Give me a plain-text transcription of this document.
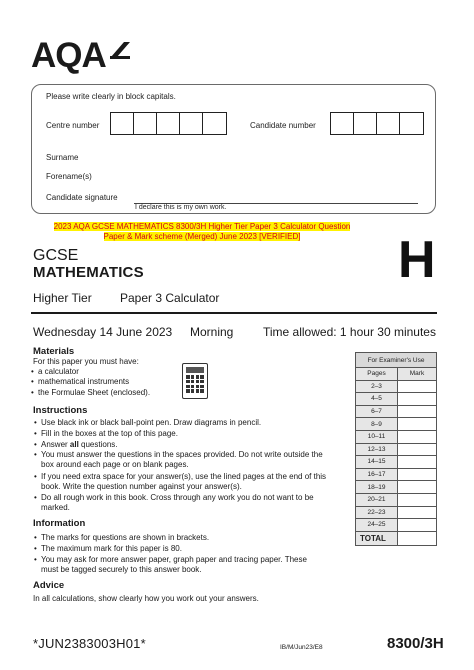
AQA
Please write clearly in block capitals.
Centre number	Candidate number
Surname
Forename(s)
Candidate signature
I declare this is my own work.
2023 AQA GCSE MATHEMATICS 8300/3H Higher Tier Paper 3 Calculator Question
Paper & Mark scheme (Merged) June 2023 [VERIFIED]
GCSE
MATHEMATICS	H
Higher Tier Paper 3 Calculator
Wednesday 14 June 2023 Morning Time allowed: 1 hour 30 minutes
Materials
For this paper you must have:
• a calculator
• mathematical instruments
• the Formulae Sheet (enclosed).
Instructions
• Use black ink or black ball-point pen. Draw diagrams in pencil.
• Fill in the boxes at the top of this page.
• Answer all questions.
• You must answer the questions in the spaces provided. Do not write outside the box around each page or on blank pages.
• If you need extra space for your answer(s), use the lined pages at the end of this book. Write the question number against your answer(s).
• Do all rough work in this book. Cross through any work you do not want to be marked.
Information
• The marks for questions are shown in brackets.
• The maximum mark for this paper is 80.
• You may ask for more answer paper, graph paper and tracing paper. These must be tagged securely to this answer book.
Advice
In all calculations, show clearly how you work out your answers.
For Examiner's Use	
Pages	Mark
2–3	
4–5	
6–7	
8–9	
10–11	
12–13	
14–15	
16–17	
18–19	
20–21	
22–23	
24–25	
TOTAL	
*JUN2383003H01*	IB/M/Jun23/E8	8300/3H
